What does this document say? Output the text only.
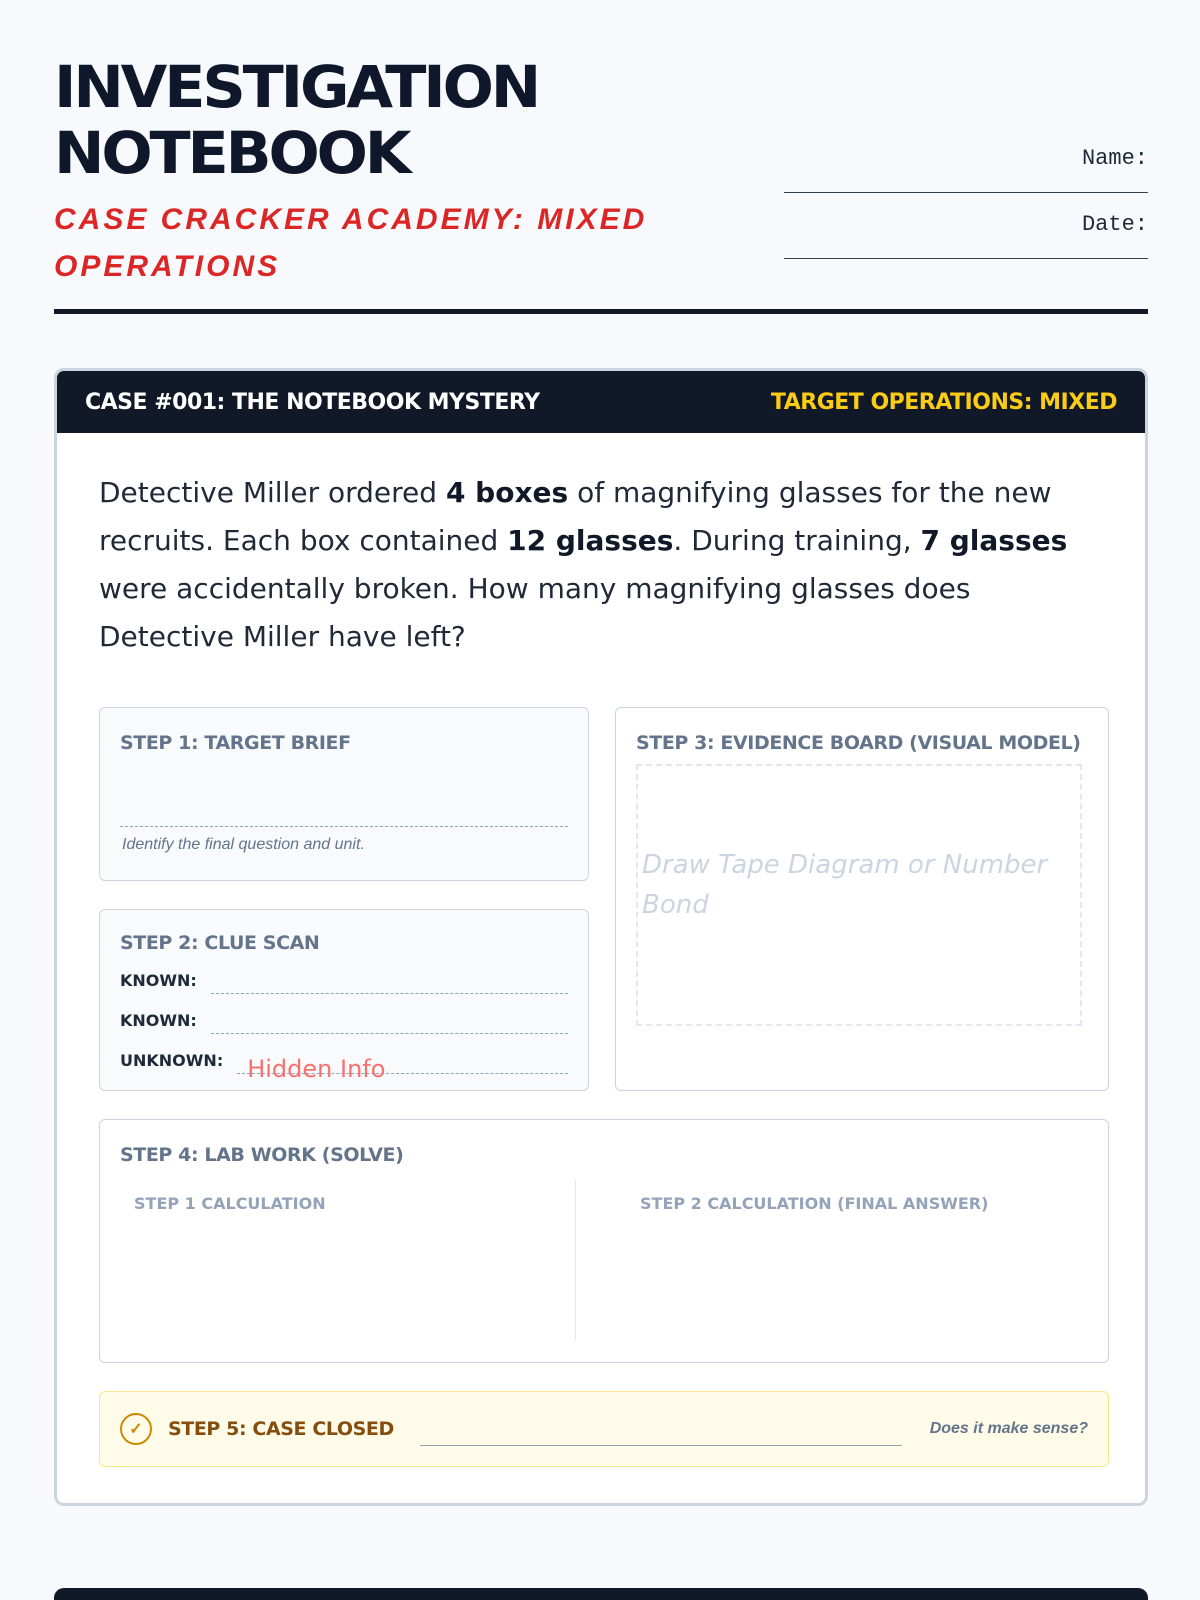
INVESTIGATION
NOTEBOOK
CASE CRACKER ACADEMY: MIXED OPERATIONS
Name:
Date:
CASE #001: THE NOTEBOOK MYSTERY	TARGET OPERATIONS: MIXED

Detective Miller ordered 4 boxes of magnifying glasses for the new recruits. Each box contained 12 glasses. During training, 7 glasses were accidentally broken. How many magnifying glasses does Detective Miller have left?

STEP 1: TARGET BRIEF
Identify the final question and unit.
STEP 2: CLUE SCAN
KNOWN:
KNOWN:
UNKNOWN: Hidden Info
STEP 3: EVIDENCE BOARD (VISUAL MODEL)
Draw Tape Diagram or Number Bond
STEP 4: LAB WORK (SOLVE)
STEP 1 CALCULATION	STEP 2 CALCULATION (FINAL ANSWER)
✓	STEP 5: CASE CLOSED	Does it make sense?
